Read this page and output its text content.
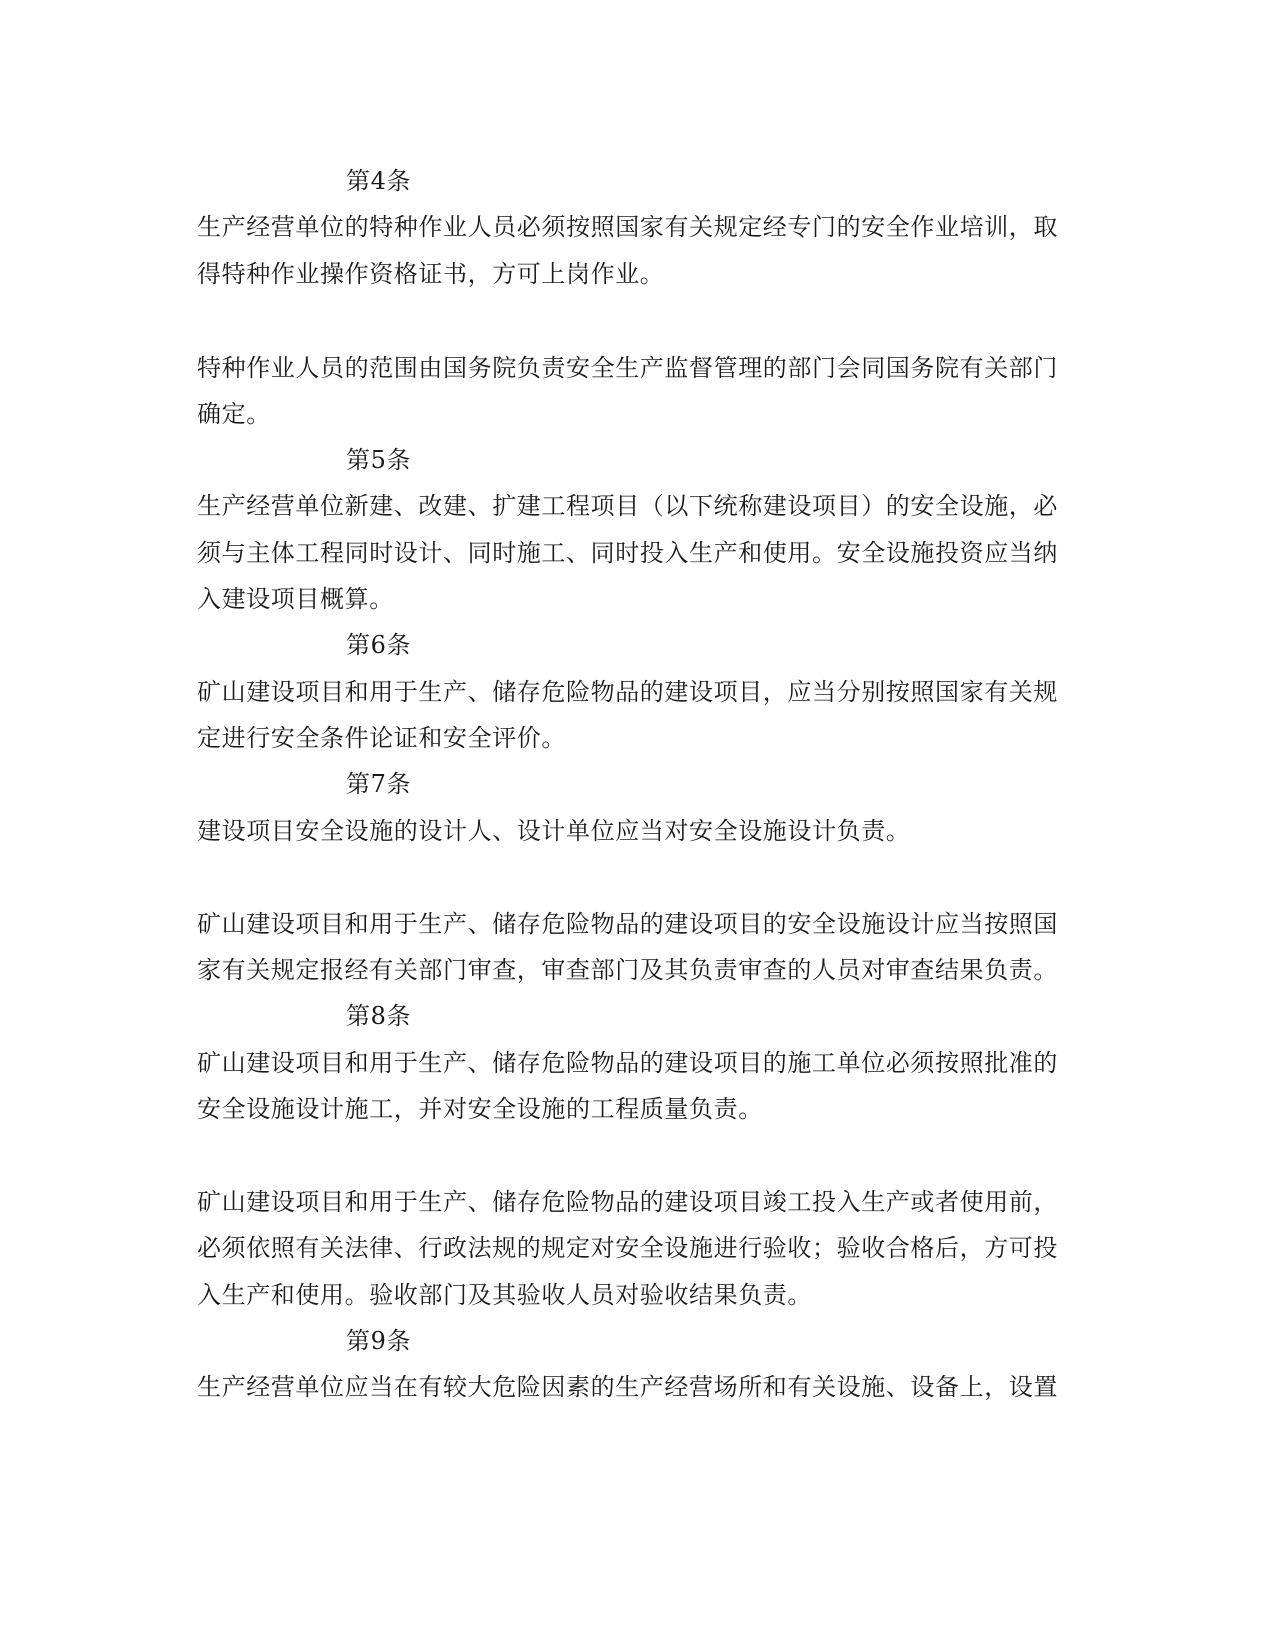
第4条
生产经营单位的特种作业人员必须按照国家有关规定经专门的安全作业培训，取
得特种作业操作资格证书，方可上岗作业。
特种作业人员的范围由国务院负责安全生产监督管理的部门会同国务院有关部门
确定。
第5条
生产经营单位新建、改建、扩建工程项目（以下统称建设项目）的安全设施，必
须与主体工程同时设计、同时施工、同时投入生产和使用。安全设施投资应当纳
入建设项目概算。
第6条
矿山建设项目和用于生产、储存危险物品的建设项目，应当分别按照国家有关规
定进行安全条件论证和安全评价。
第7条
建设项目安全设施的设计人、设计单位应当对安全设施设计负责。
矿山建设项目和用于生产、储存危险物品的建设项目的安全设施设计应当按照国
家有关规定报经有关部门审查，审查部门及其负责审查的人员对审查结果负责。
第8条
矿山建设项目和用于生产、储存危险物品的建设项目的施工单位必须按照批准的
安全设施设计施工，并对安全设施的工程质量负责。
矿山建设项目和用于生产、储存危险物品的建设项目竣工投入生产或者使用前，
必须依照有关法律、行政法规的规定对安全设施进行验收；验收合格后，方可投
入生产和使用。验收部门及其验收人员对验收结果负责。
第9条
生产经营单位应当在有较大危险因素的生产经营场所和有关设施、设备上，设置
